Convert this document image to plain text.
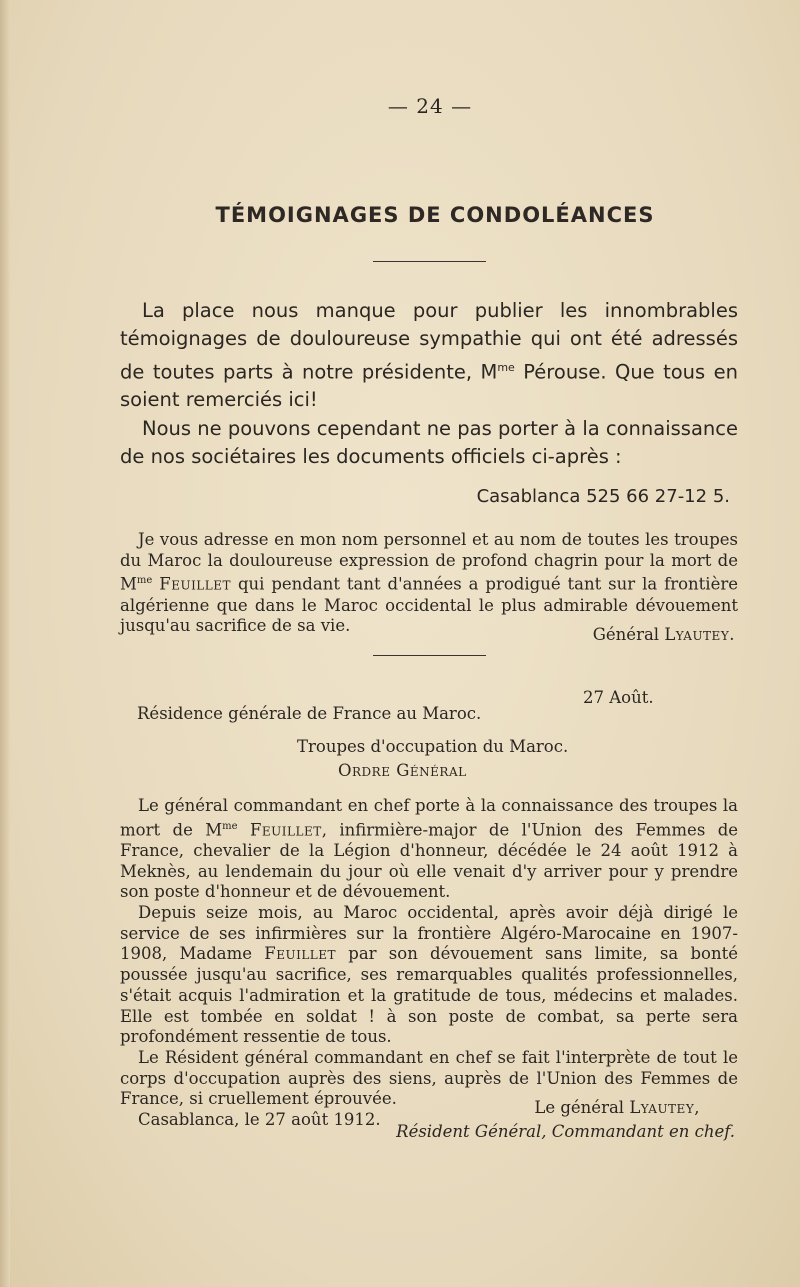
— 24 —
TÉMOIGNAGES DE CONDOLÉANCES

La place nous manque pour publier les innombrables témoignages de douloureuse sympathie qui ont été adressés de toutes parts à notre présidente, $M^{me}$ Pérouse. Que tous en soient remerciés ici!

Nous ne pouvons cependant ne pas porter à la connaissance de nos sociétaires les documents officiels ci-après :

Casablanca 525 66 27-12 5.

Je vous adresse en mon nom personnel et au nom de toutes les troupes du Maroc la douloureuse expression de profond chagrin pour la mort de $M^{me}$ Feuillet qui pendant tant d'années a prodigué tant sur la frontière algérienne que dans le Maroc occidental le plus admirable dévouement jusqu'au sacrifice de sa vie.	Général Lyautey.
27 Août.
Résidence générale de France au Maroc.
Troupes d'occupation du Maroc.
Ordre Général

Le général commandant en chef porte à la connaissance des troupes la mort de $M^{me}$ Feuillet, infirmière-major de l'Union des Femmes de France, chevalier de la Légion d'honneur, décédée le 24 août 1912 à Meknès, au lendemain du jour où elle venait d'y arriver pour y prendre son poste d'honneur et de dévouement.

Depuis seize mois, au Maroc occidental, après avoir déjà dirigé le service de ses infirmières sur la frontière Algéro-Marocaine en 1907-1908, Madame Feuillet par son dévouement sans limite, sa bonté poussée jusqu'au sacrifice, ses remarquables qualités professionnelles, s'était acquis l'admiration et la gratitude de tous, médecins et malades. Elle est tombée en soldat ! à son poste de combat, sa perte sera profondément ressentie de tous.

Le Résident général commandant en chef se fait l'interprète de tout le corps d'occupation auprès des siens, auprès de l'Union des Femmes de France, si cruellement éprouvée.

Casablanca, le 27 août 1912.

Le général Lyautey,
Résident Général, Commandant en chef.
